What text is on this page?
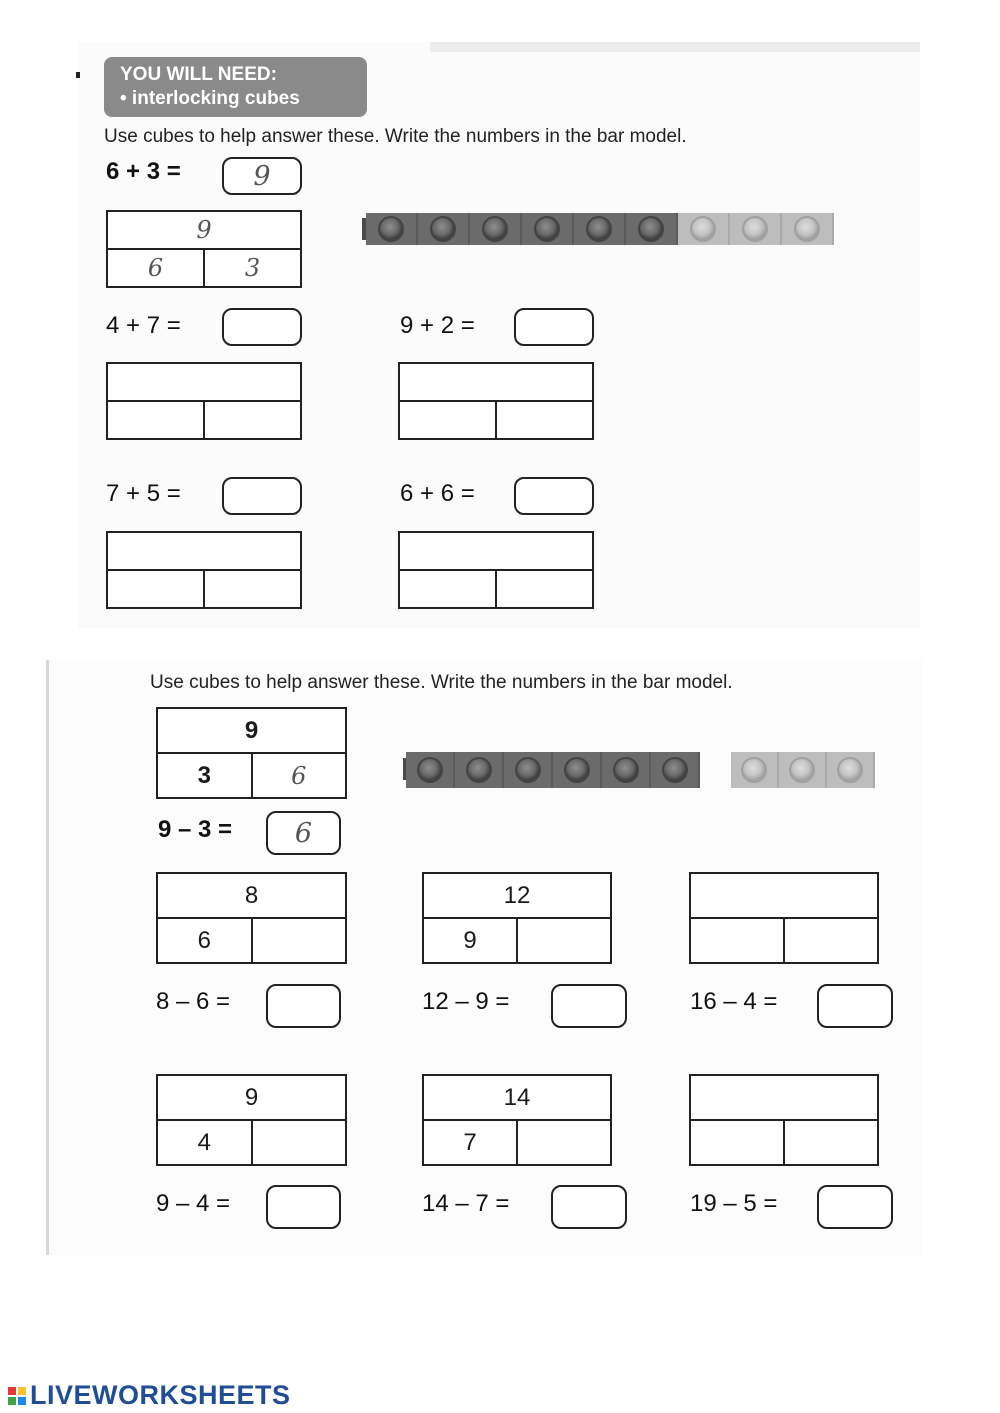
YOU WILL NEED:
• interlocking cubes
Use cubes to help answer these. Write the numbers in the bar model.
6 + 3 =	9
9
6	3
4 + 7 =	9 + 2 =
7 + 5 =	6 + 6 =
Use cubes to help answer these. Write the numbers in the bar model.
9
3	6
9 – 3 =	6
8
6
8 – 6 =
12
9
12 – 9 =	16 – 4 =
9
4
9 – 4 =
14
7
14 – 7 =	19 – 5 =
LIVEWORKSHEETS
